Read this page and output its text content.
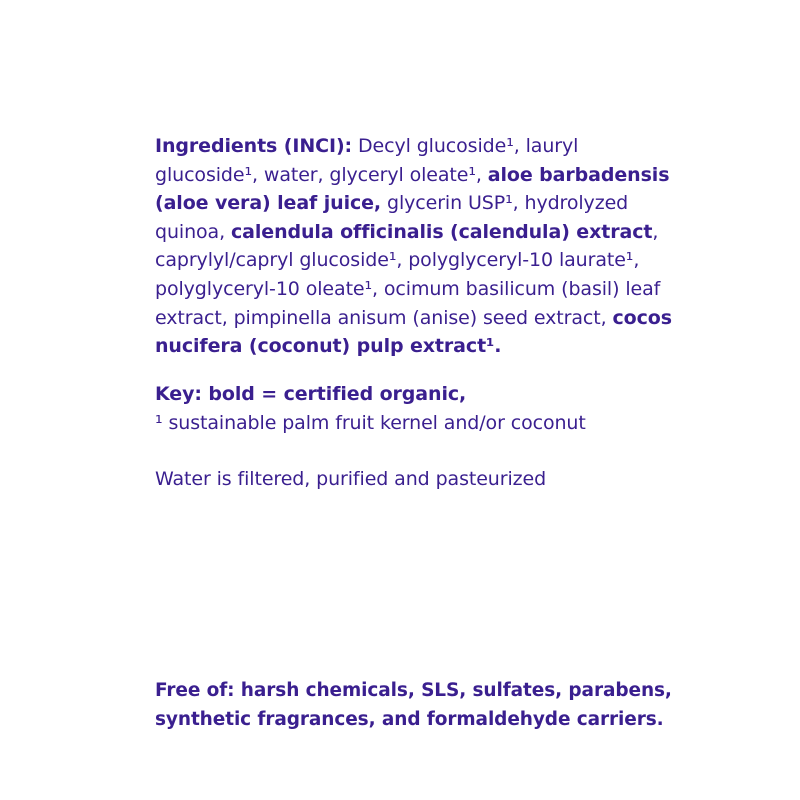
Ingredients (INCI): Decyl glucoside¹, lauryl
glucoside¹, water, glyceryl oleate¹, aloe barbadensis
(aloe vera) leaf juice, glycerin USP¹, hydrolyzed
quinoa, calendula officinalis (calendula) extract,
caprylyl/capryl glucoside¹, polyglyceryl-10 laurate¹,
polyglyceryl-10 oleate¹, ocimum basilicum (basil) leaf
extract, pimpinella anisum (anise) seed extract, cocos
nucifera (coconut) pulp extract¹.
Key: bold = certified organic,
¹ sustainable palm fruit kernel and/or coconut
Water is filtered, purified and pasteurized
Free of: harsh chemicals, SLS, sulfates, parabens,
synthetic fragrances, and formaldehyde carriers.
